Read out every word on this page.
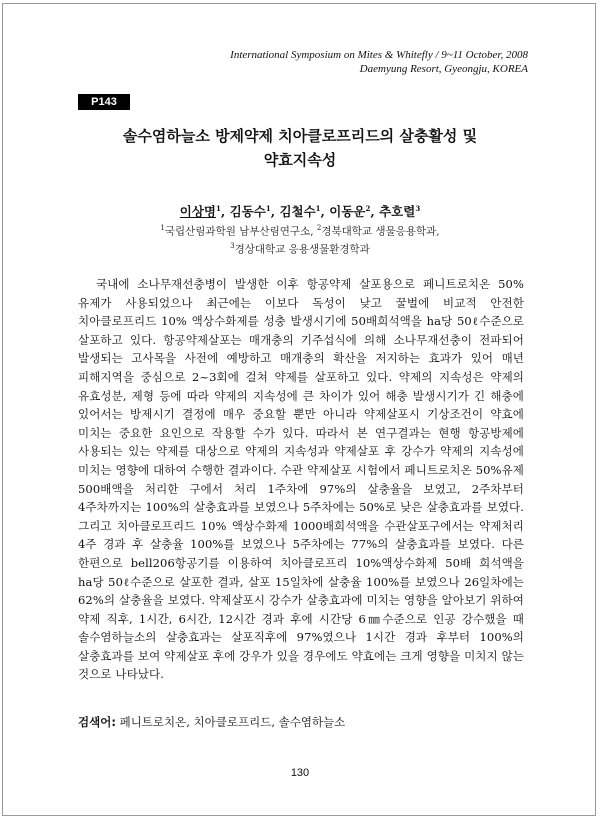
International Symposium on Mites & Whitefly / 9~11 October, 2008
Daemyung Resort, Gyeongju, KOREA
P143
솔수염하늘소 방제약제 치아클로프리드의 살충활성 및
약효지속성
이상명$^1$, 김동수$^1$, 김철수$^1$, 이동운$^2$, 추호렬$^3$
$^1$국립산림과학원 남부산림연구소, $^2$경북대학교 생물응용학과,
$^3$경상대학교 응용생물환경학과
국내에 소나무재선충병이 발생한 이후 항공약제 살포용으로 페니트로치온 50% 유제가 사용되었으나 최근에는 이보다 독성이 낮고 꿀벌에 비교적 안전한 치아클로프리드 10% 액상수화제를 성충 발생시기에 50배희석액을 ha당 50ℓ수준으로 살포하고 있다. 항공약제살포는 매개충의 기주섭식에 의해 소나무재선충이 전파되어 발생되는 고사목을 사전에 예방하고 매개충의 확산을 저지하는 효과가 있어 매년 피해지역을 중심으로 2~3회에 걸쳐 약제를 살포하고 있다. 약제의 지속성은 약제의 유효성분, 제형 등에 따라 약제의 지속성에 큰 차이가 있어 해충 발생시기가 긴 해충에 있어서는 방제시기 결정에 매우 중요할 뿐만 아니라 약제살포시 기상조건이 약효에 미치는 중요한 요인으로 작용할 수가 있다. 따라서 본 연구결과는 현행 항공방제에 사용되는 있는 약제를 대상으로 약제의 지속성과 약제살포 후 강수가 약제의 지속성에 미치는 영향에 대하여 수행한 결과이다. 수관 약제살포 시험에서 페니트로치온 50%유제 500배액을 처리한 구에서 처리 1주차에 97%의 살충율을 보였고, 2주차부터 4주차까지는 100%의 살충효과를 보였으나 5주차에는 50%로 낮은 살충효과를 보였다.그리고 치아클로프리드 10% 액상수화제 1000배희석액을 수관살포구에서는 약제처리 4주 경과 후 살충율 100%를 보였으나 5주차에는 77%의 살충효과를 보였다. 다른 한편으로 bell206항공기를 이용하여 치아클로프리 10%액상수화제 50배 희석액을 ha당 50ℓ수준으로 살포한 결과, 살포 15일차에 살충율 100%를 보였으나 26일차에는 62%의 살충율을 보였다. 약제살포시 강수가 살충효과에 미치는 영향을 알아보기 위하여 약제 직후, 1시간, 6시간, 12시간 경과 후에 시간당 6㎜수준으로 인공 강수했을 때 솔수염하늘소의 살충효과는 살포직후에 97%였으나 1시간 경과 후부터 100%의 살충효과를 보여 약제살포 후에 강우가 있을 경우에도 약효에는 크게 영향을 미치지 않는 것으로 나타났다.
검색어: 페니트로치온, 치아클로프리드, 솔수염하늘소
130
